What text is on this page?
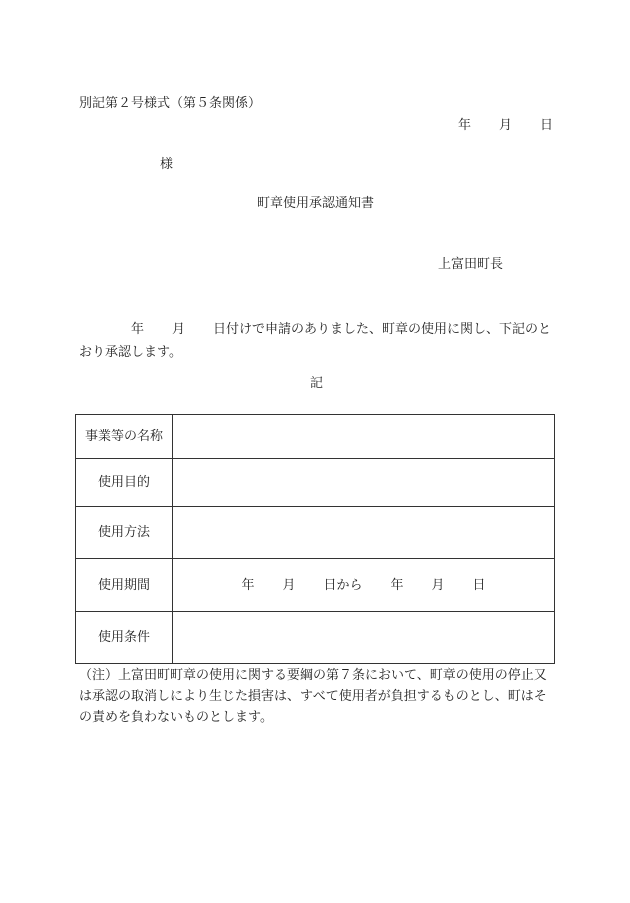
別記第２号様式（第５条関係）
年 月 日
様
町章使用承認通知書
上富田町長
年 月 日付けで申請のありました、町章の使用に関し、下記のとおり承認します。
記
事業等の名称	
使用目的	
使用方法	
使用期間	年 月 日から 年 月 日
使用条件	
（注）上富田町町章の使用に関する要綱の第７条において、町章の使用の停止又は承認の取消しにより生じた損害は、すべて使用者が負担するものとし、町はその責めを負わないものとします。
